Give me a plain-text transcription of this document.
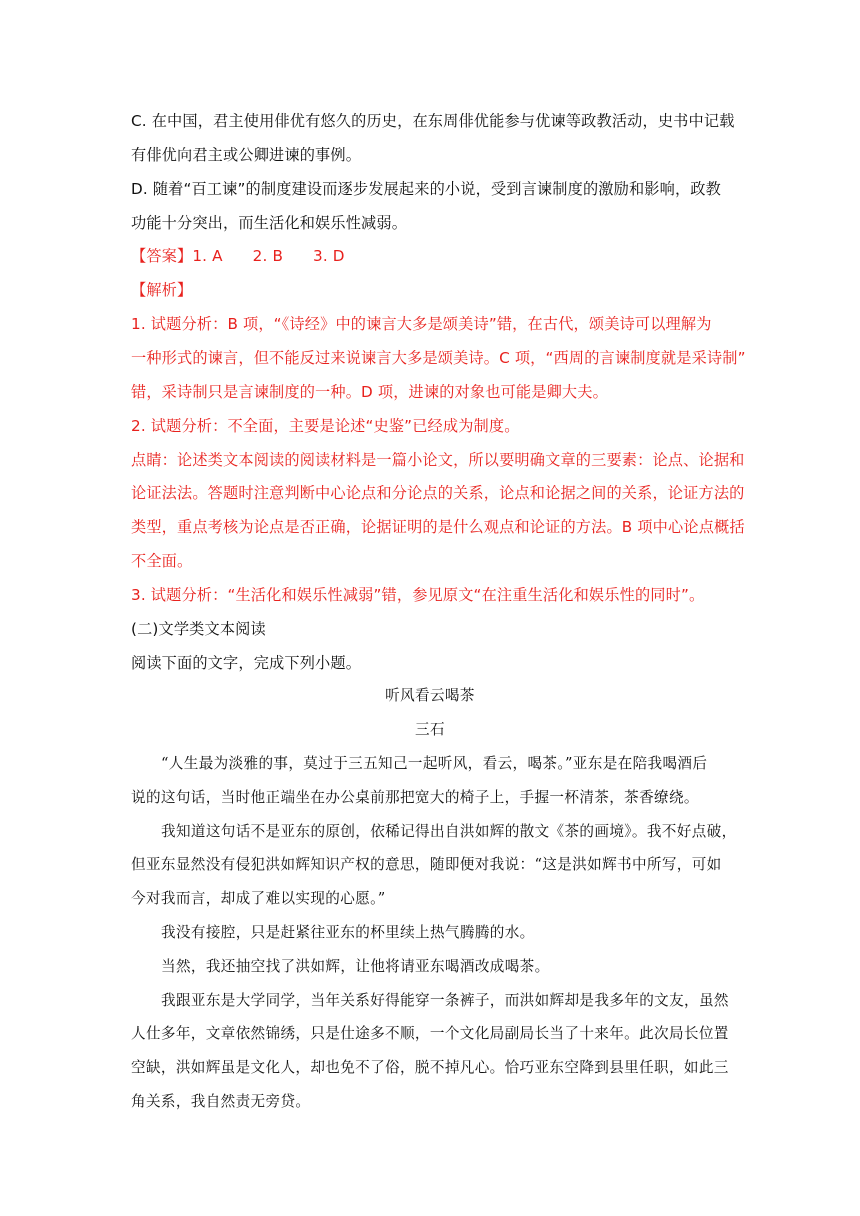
C. 在中国，君主使用俳优有悠久的历史，在东周俳优能参与优谏等政教活动，史书中记载
有俳优向君主或公卿进谏的事例。
D. 随着“百工谏”的制度建设而逐步发展起来的小说，受到言谏制度的激励和影响，政教
功能十分突出，而生活化和娱乐性减弱。
【答案】1. A 2. B 3. D
【解析】
1. 试题分析：B 项，“《诗经》中的谏言大多是颂美诗”错，在古代，颂美诗可以理解为
一种形式的谏言，但不能反过来说谏言大多是颂美诗。C 项，“西周的言谏制度就是采诗制”
错，采诗制只是言谏制度的一种。D 项，进谏的对象也可能是卿大夫。
2. 试题分析：不全面，主要是论述“史鉴”已经成为制度。
点睛：论述类文本阅读的阅读材料是一篇小论文，所以要明确文章的三要素：论点、论据和
论证法法。答题时注意判断中心论点和分论点的关系，论点和论据之间的关系，论证方法的
类型，重点考核为论点是否正确，论据证明的是什么观点和论证的方法。B 项中心论点概括
不全面。
3. 试题分析：“生活化和娱乐性减弱”错，参见原文“在注重生活化和娱乐性的同时”。
(二)文学类文本阅读
阅读下面的文字，完成下列小题。
听风看云喝茶
三石
“人生最为淡雅的事，莫过于三五知己一起听风，看云，喝茶。”亚东是在陪我喝酒后
说的这句话，当时他正端坐在办公桌前那把宽大的椅子上，手握一杯清茶，茶香缭绕。
我知道这句话不是亚东的原创，依稀记得出自洪如辉的散文《茶的画境》。我不好点破，
但亚东显然没有侵犯洪如辉知识产权的意思，随即便对我说：“这是洪如辉书中所写，可如
今对我而言，却成了难以实现的心愿。”
我没有接腔，只是赶紧往亚东的杯里续上热气腾腾的水。
当然，我还抽空找了洪如辉，让他将请亚东喝酒改成喝茶。
我跟亚东是大学同学，当年关系好得能穿一条裤子，而洪如辉却是我多年的文友，虽然
人仕多年，文章依然锦绣，只是仕途多不顺，一个文化局副局长当了十来年。此次局长位置
空缺，洪如辉虽是文化人，却也免不了俗，脱不掉凡心。恰巧亚东空降到县里任职，如此三
角关系，我自然责无旁贷。
